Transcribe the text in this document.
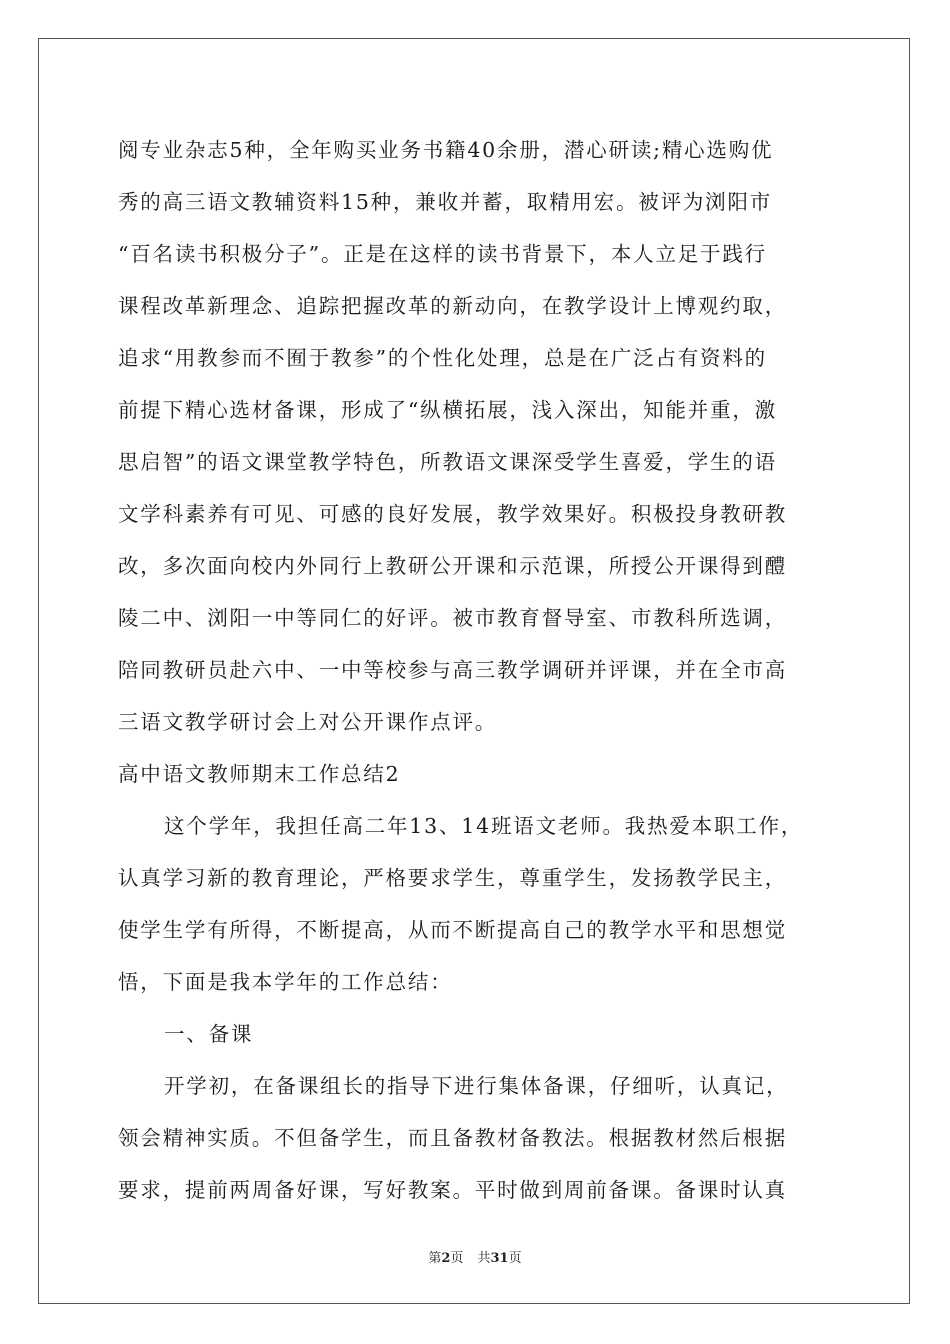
阅专业杂志5种，全年购买业务书籍40余册，潜心研读;精心选购优
秀的高三语文教辅资料15种，兼收并蓄，取精用宏。被评为浏阳市
“百名读书积极分子”。正是在这样的读书背景下，本人立足于践行
课程改革新理念、追踪把握改革的新动向，在教学设计上博观约取，
追求“用教参而不囿于教参”的个性化处理，总是在广泛占有资料的
前提下精心选材备课，形成了“纵横拓展，浅入深出，知能并重，激
思启智”的语文课堂教学特色，所教语文课深受学生喜爱，学生的语
文学科素养有可见、可感的良好发展，教学效果好。积极投身教研教
改，多次面向校内外同行上教研公开课和示范课，所授公开课得到醴
陵二中、浏阳一中等同仁的好评。被市教育督导室、市教科所选调，
陪同教研员赴六中、一中等校参与高三教学调研并评课，并在全市高
三语文教学研讨会上对公开课作点评。
高中语文教师期末工作总结2
这个学年，我担任高二年13、14班语文老师。我热爱本职工作，
认真学习新的教育理论，严格要求学生，尊重学生，发扬教学民主，
使学生学有所得，不断提高，从而不断提高自己的教学水平和思想觉
悟，下面是我本学年的工作总结：
一、备课
开学初，在备课组长的指导下进行集体备课，仔细听，认真记，
领会精神实质。不但备学生，而且备教材备教法。根据教材然后根据
要求，提前两周备好课，写好教案。平时做到周前备课。备课时认真
第2页 共31页
